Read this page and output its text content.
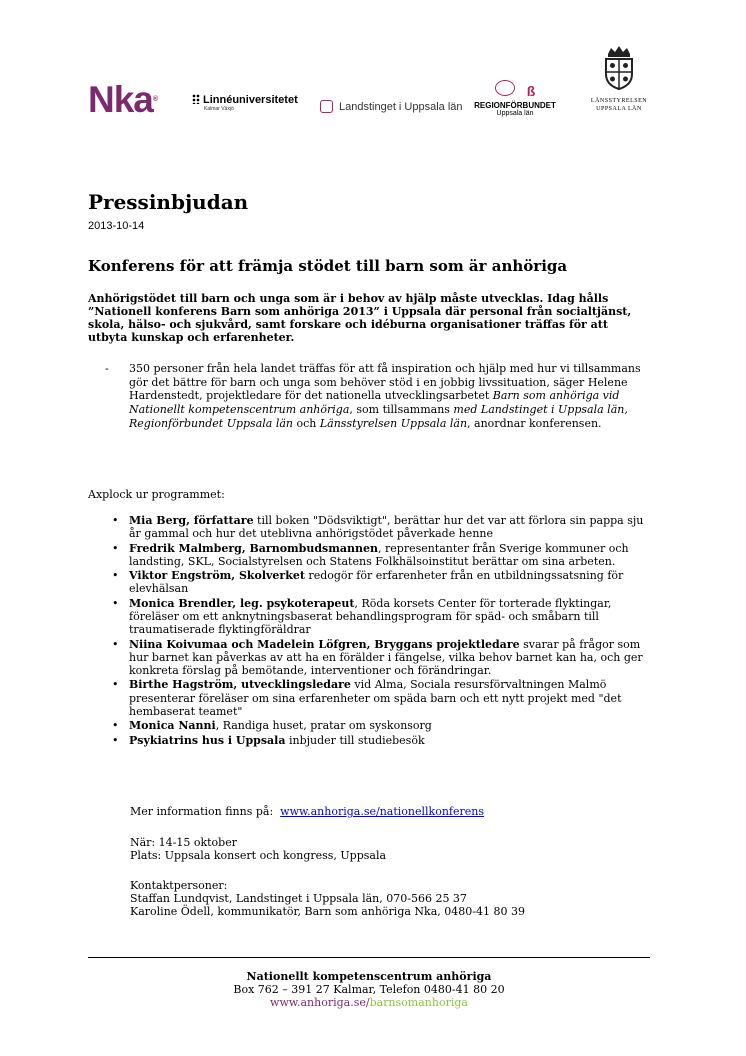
Nka®	Linnéuniversitetet
Kalmar Växjö	Landstinget i Uppsala län
ß
REGIONFÖRBUNDET
Uppsala län
LÄNSSTYRELSEN
UPPSALA LÄN
Pressinbjudan
2013-10-14
Konferens för att främja stödet till barn som är anhöriga
Anhörigstödet till barn och unga som är i behov av hjälp måste utvecklas. Idag hålls ”Nationell konferens Barn som anhöriga 2013” i Uppsala där personal från socialtjänst, skola, hälso- och sjukvård, samt forskare och idéburna organisationer träffas för att utbyta kunskap och erfarenheter.
- 350 personer från hela landet träffas för att få inspiration och hjälp med hur vi tillsammans gör det bättre för barn och unga som behöver stöd i en jobbig livssituation, säger Helene Hardenstedt, projektledare för det nationella utvecklingsarbetet Barn som anhöriga vid Nationellt kompetenscentrum anhöriga, som tillsammans med Landstinget i Uppsala län, Regionförbundet Uppsala län och Länsstyrelsen Uppsala län, anordnar konferensen.
Axplock ur programmet:
• Mia Berg, författare till boken "Dödsviktigt", berättar hur det var att förlora sin pappa sju år gammal och hur det uteblivna anhörigstödet påverkade henne
• Fredrik Malmberg, Barnombudsmannen, representanter från Sverige kommuner och landsting, SKL, Socialstyrelsen och Statens Folkhälsoinstitut berättar om sina arbeten.
• Viktor Engström, Skolverket redogör för erfarenheter från en utbildningssatsning för elevhälsan
• Monica Brendler, leg. psykoterapeut, Röda korsets Center för torterade flyktingar, föreläser om ett anknytningsbaserat behandlingsprogram för späd- och småbarn till traumatiserade flyktingföräldrar
• Niina Koivumaa och Madelein Löfgren, Bryggans projektledare svarar på frågor som hur barnet kan påverkas av att ha en förälder i fängelse, vilka behov barnet kan ha, och ger konkreta förslag på bemötande, interventioner och förändringar.
• Birthe Hagström, utvecklingsledare vid Alma, Sociala resursförvaltningen Malmö presenterar föreläser om sina erfarenheter om späda barn och ett nytt projekt med "det hembaserat teamet"
• Monica Nanni, Randiga huset, pratar om syskonsorg
• Psykiatrins hus i Uppsala inbjuder till studiebesök
Mer information finns på: www.anhoriga.se/nationellkonferens
När: 14-15 oktober
Plats: Uppsala konsert och kongress, Uppsala
Kontaktpersoner:
Staffan Lundqvist, Landstinget i Uppsala län, 070-566 25 37
Karoline Ödell, kommunikatör, Barn som anhöriga Nka, 0480-41 80 39
Nationellt kompetenscentrum anhöriga
Box 762 – 391 27 Kalmar, Telefon 0480-41 80 20
www.anhoriga.se/barnsomanhoriga
